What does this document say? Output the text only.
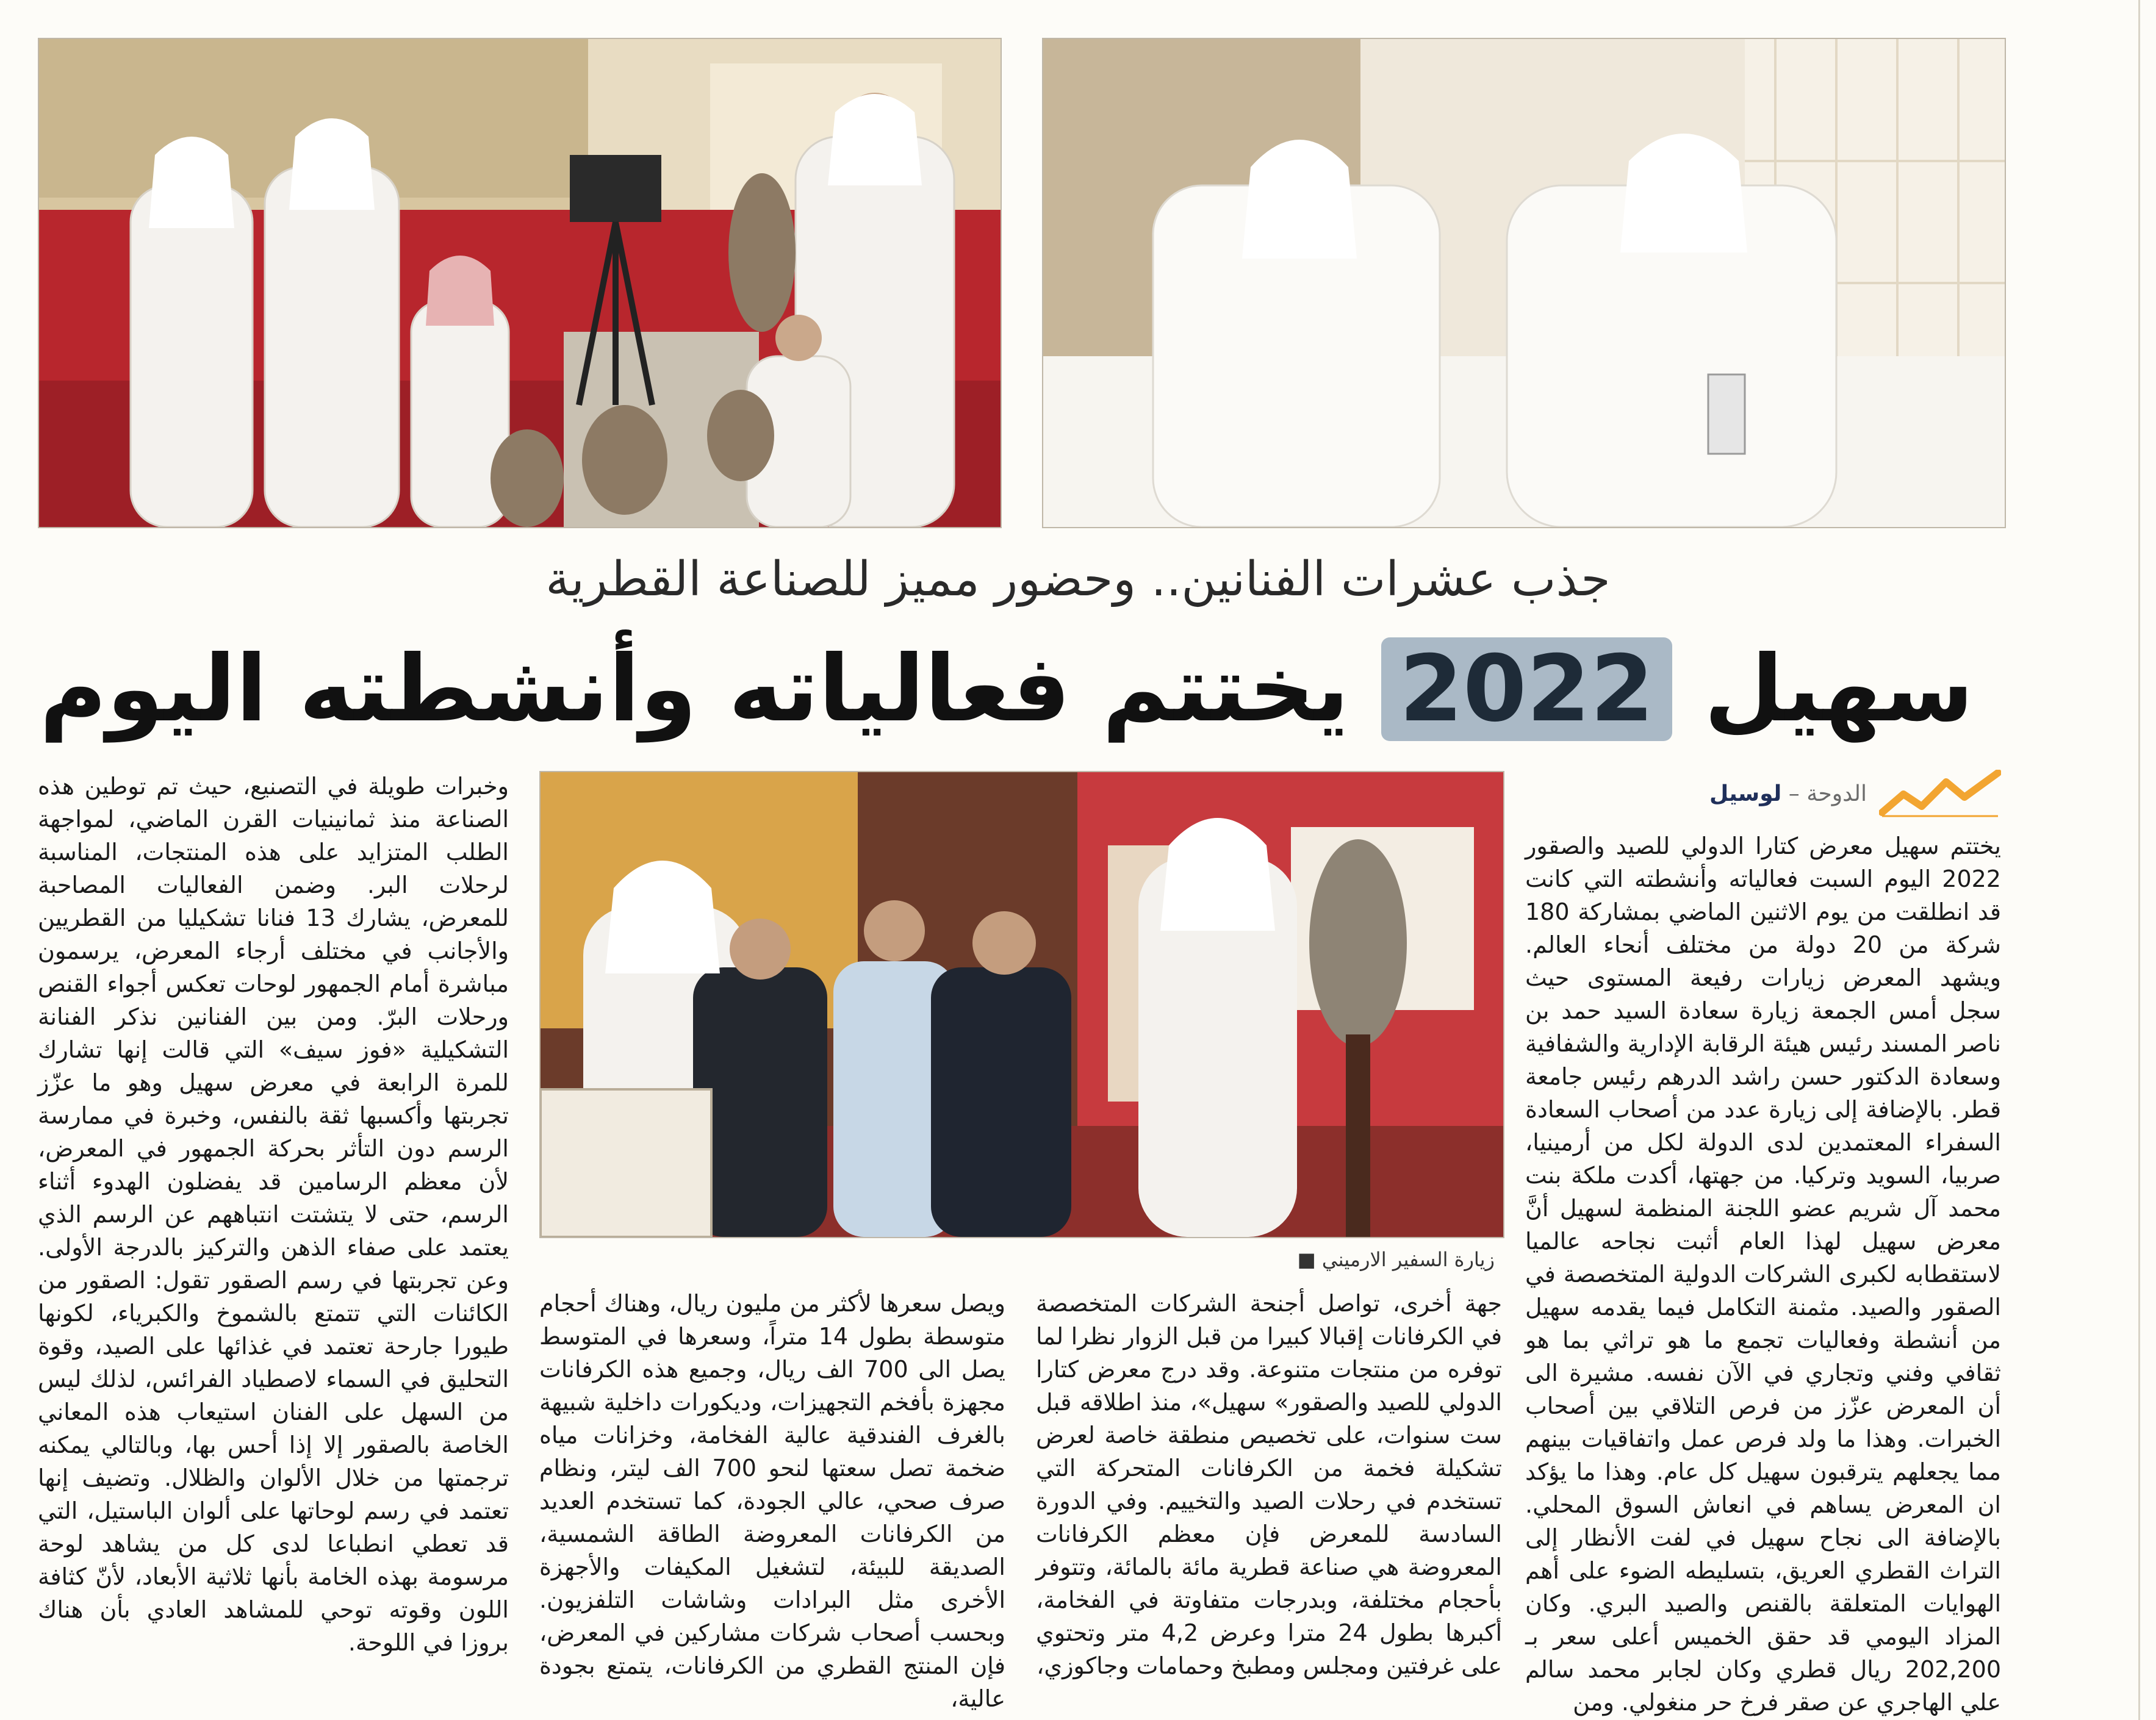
جذب عشرات الفنانين.. وحضور مميز للصناعة القطرية
سهيل 2022 يختتم فعالياته وأنشطته اليوم
الدوحة – لوسيل
زيارة السفير الارميني ■

يختتم سهيل معرض كتارا الدولي للصيد والصقور 2022 اليوم السبت فعالياته وأنشطته التي كانت قد انطلقت من يوم الاثنين الماضي بمشاركة 180 شركة من 20 دولة من مختلف أنحاء العالم. ويشهد المعرض زيارات رفيعة المستوى حيث سجل أمس الجمعة زيارة سعادة السيد حمد بن ناصر المسند رئيس هيئة الرقابة الإدارية والشفافية وسعادة الدكتور حسن راشد الدرهم رئيس جامعة قطر. بالإضافة إلى زيارة عدد من أصحاب السعادة السفراء المعتمدين لدى الدولة لكل من أرمينيا، صربيا، السويد وتركيا. من جهتها، أكدت ملكة بنت محمد آل شريم عضو اللجنة المنظمة لسهيل أنَّ معرض سهيل لهذا العام أثبت نجاحه عالميا لاستقطابه لكبرى الشركات الدولية المتخصصة في الصقور والصيد. مثمنة التكامل فيما يقدمه سهيل من أنشطة وفعاليات تجمع ما هو تراثي بما هو ثقافي وفني وتجاري في الآن نفسه. مشيرة الى أن المعرض عزّز من فرص التلاقي بين أصحاب الخبرات. وهذا ما ولد فرص عمل واتفاقيات بينهم مما يجعلهم يترقبون سهيل كل عام. وهذا ما يؤكد ان المعرض يساهم في انعاش السوق المحلي. بالإضافة الى نجاح سهيل في لفت الأنظار إلى التراث القطري العريق، بتسليطه الضوء على أهم الهوايات المتعلقة بالقنص والصيد البري. وكان المزاد اليومي قد حقق الخميس أعلى سعر بـ 202,200 ريال قطري وكان لجابر محمد سالم علي الهاجري عن صقر فرخ حر منغولي. ومن

جهة أخرى، تواصل أجنحة الشركات المتخصصة في الكرفانات إقبالا كبيرا من قبل الزوار نظرا لما توفره من منتجات متنوعة. وقد درج معرض كتارا الدولي للصيد والصقور» سهيل»، منذ اطلاقه قبل ست سنوات، على تخصيص منطقة خاصة لعرض تشكيلة فخمة من الكرفانات المتحركة التي تستخدم في رحلات الصيد والتخييم. وفي الدورة السادسة للمعرض فإن معظم الكرفانات المعروضة هي صناعة قطرية مائة بالمائة، وتتوفر بأحجام مختلفة، وبدرجات متفاوتة في الفخامة، أكبرها بطول 24 مترا وعرض 4,2 متر وتحتوي على غرفتين ومجلس ومطبخ وحمامات وجاكوزي،

ويصل سعرها لأكثر من مليون ريال، وهناك أحجام متوسطة بطول 14 متراً، وسعرها في المتوسط يصل الى 700 الف ريال، وجميع هذه الكرفانات مجهزة بأفخم التجهيزات، وديكورات داخلية شبيهة بالغرف الفندقية عالية الفخامة، وخزانات مياه ضخمة تصل سعتها لنحو 700 الف ليتر، ونظام صرف صحي، عالي الجودة، كما تستخدم العديد من الكرفانات المعروضة الطاقة الشمسية، الصديقة للبيئة، لتشغيل المكيفات والأجهزة الأخرى مثل البرادات وشاشات التلفزيون. وبحسب أصحاب شركات مشاركين في المعرض، فإن المنتج القطري من الكرفانات، يتمتع بجودة عالية،

وخبرات طويلة في التصنيع، حيث تم توطين هذه الصناعة منذ ثمانينيات القرن الماضي، لمواجهة الطلب المتزايد على هذه المنتجات، المناسبة لرحلات البر. وضمن الفعاليات المصاحبة للمعرض، يشارك 13 فنانا تشكيليا من القطريين والأجانب في مختلف أرجاء المعرض، يرسمون مباشرة أمام الجمهور لوحات تعكس أجواء القنص ورحلات البرّ. ومن بين الفنانين نذكر الفنانة التشكيلية «فوز سيف» التي قالت إنها تشارك للمرة الرابعة في معرض سهيل وهو ما عزّز تجربتها وأكسبها ثقة بالنفس، وخبرة في ممارسة الرسم دون التأثر بحركة الجمهور في المعرض، لأن معظم الرسامين قد يفضلون الهدوء أثناء الرسم، حتى لا يتشتت انتباههم عن الرسم الذي يعتمد على صفاء الذهن والتركيز بالدرجة الأولى. وعن تجربتها في رسم الصقور تقول: الصقور من الكائنات التي تتمتع بالشموخ والكبرياء، لكونها طيورا جارحة تعتمد في غذائها على الصيد، وقوة التحليق في السماء لاصطياد الفرائس، لذلك ليس من السهل على الفنان استيعاب هذه المعاني الخاصة بالصقور إلا إذا أحس بها، وبالتالي يمكنه ترجمتها من خلال الألوان والظلال. وتضيف إنها تعتمد في رسم لوحاتها على ألوان الباستيل، التي قد تعطي انطباعا لدى كل من يشاهد لوحة مرسومة بهذه الخامة بأنها ثلاثية الأبعاد، لأنّ كثافة اللون وقوته توحي للمشاهد العادي بأن هناك بروزا في اللوحة.
